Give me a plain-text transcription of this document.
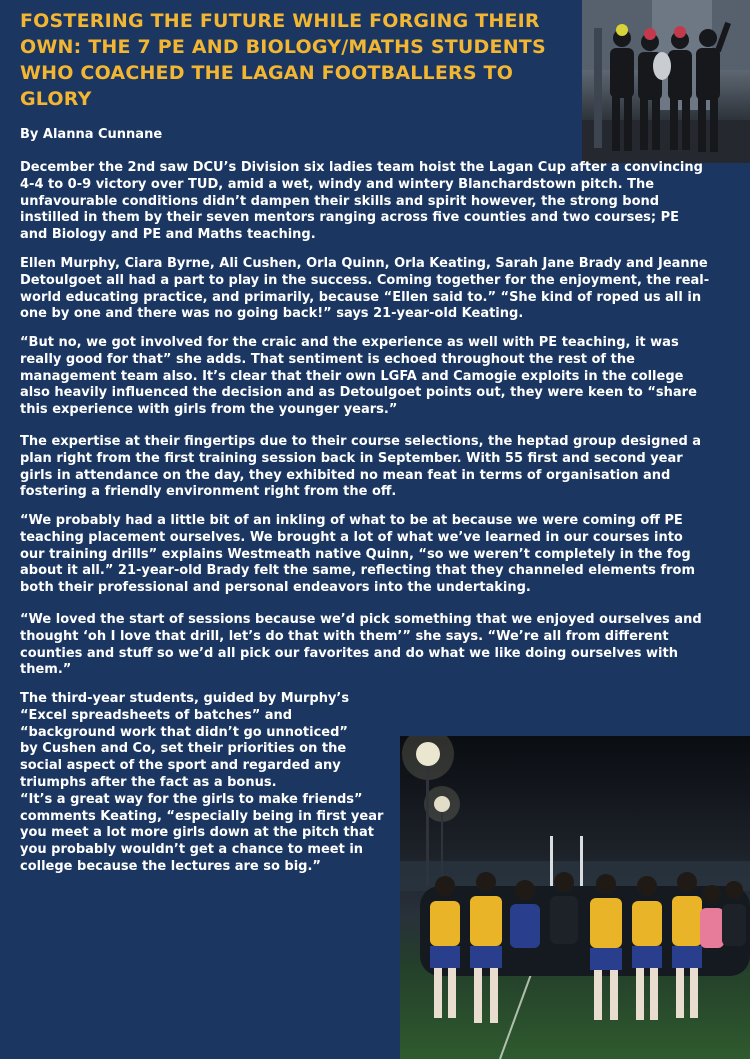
FOSTERING THE FUTURE WHILE FORGING THEIR OWN: THE 7 PE AND BIOLOGY/MATHS STUDENTS WHO COACHED THE LAGAN FOOTBALLERS TO GLORY

By Alanna Cunnane

December the 2nd saw DCU’s Division six ladies team hoist the Lagan Cup after a convincing 4-4 to 0-9 victory over TUD, amid a wet, windy and wintery Blanchardstown pitch. The unfavourable conditions didn’t dampen their skills and spirit however, the strong bond instilled in them by their seven mentors ranging across five counties and two courses; PE and Biology and PE and Maths teaching.

Ellen Murphy, Ciara Byrne, Ali Cushen, Orla Quinn, Orla Keating, Sarah Jane Brady and Jeanne Detoulgoet all had a part to play in the success. Coming together for the enjoyment, the real-world educating practice, and primarily, because “Ellen said to.” “She kind of roped us all in one by one and there was no going back!” says 21-year-old Keating.

“But no, we got involved for the craic and the experience as well with PE teaching, it was really good for that” she adds. That sentiment is echoed throughout the rest of the management team also. It’s clear that their own LGFA and Camogie exploits in the college also heavily influenced the decision and as Detoulgoet points out, they were keen to “share this experience with girls from the younger years.”

The expertise at their fingertips due to their course selections, the heptad group designed a plan right from the first training session back in September. With 55 first and second year girls in attendance on the day, they exhibited no mean feat in terms of organisation and fostering a friendly environment right from the off.

“We probably had a little bit of an inkling of what to be at because we were coming off PE teaching placement ourselves. We brought a lot of what we’ve learned in our courses into our training drills” explains Westmeath native Quinn, “so we weren’t completely in the fog about it all.” 21-year-old Brady felt the same, reflecting that they channeled elements from both their professional and personal endeavors into the undertaking.

“We loved the start of sessions because we’d pick something that we enjoyed ourselves and thought ‘oh I love that drill, let’s do that with them’” she says. “We’re all from different counties and stuff so we’d all pick our favorites and do what we like doing ourselves with them.”

The third-year students, guided by Murphy’s
“Excel spreadsheets of batches” and
“background work that didn’t go unnoticed”
by Cushen and Co, set their priorities on the
social aspect of the sport and regarded any
triumphs after the fact as a bonus.
“It’s a great way for the girls to make friends”
comments Keating, “especially being in first year
you meet a lot more girls down at the pitch that
you probably wouldn’t get a chance to meet in
college because the lectures are so big.”
